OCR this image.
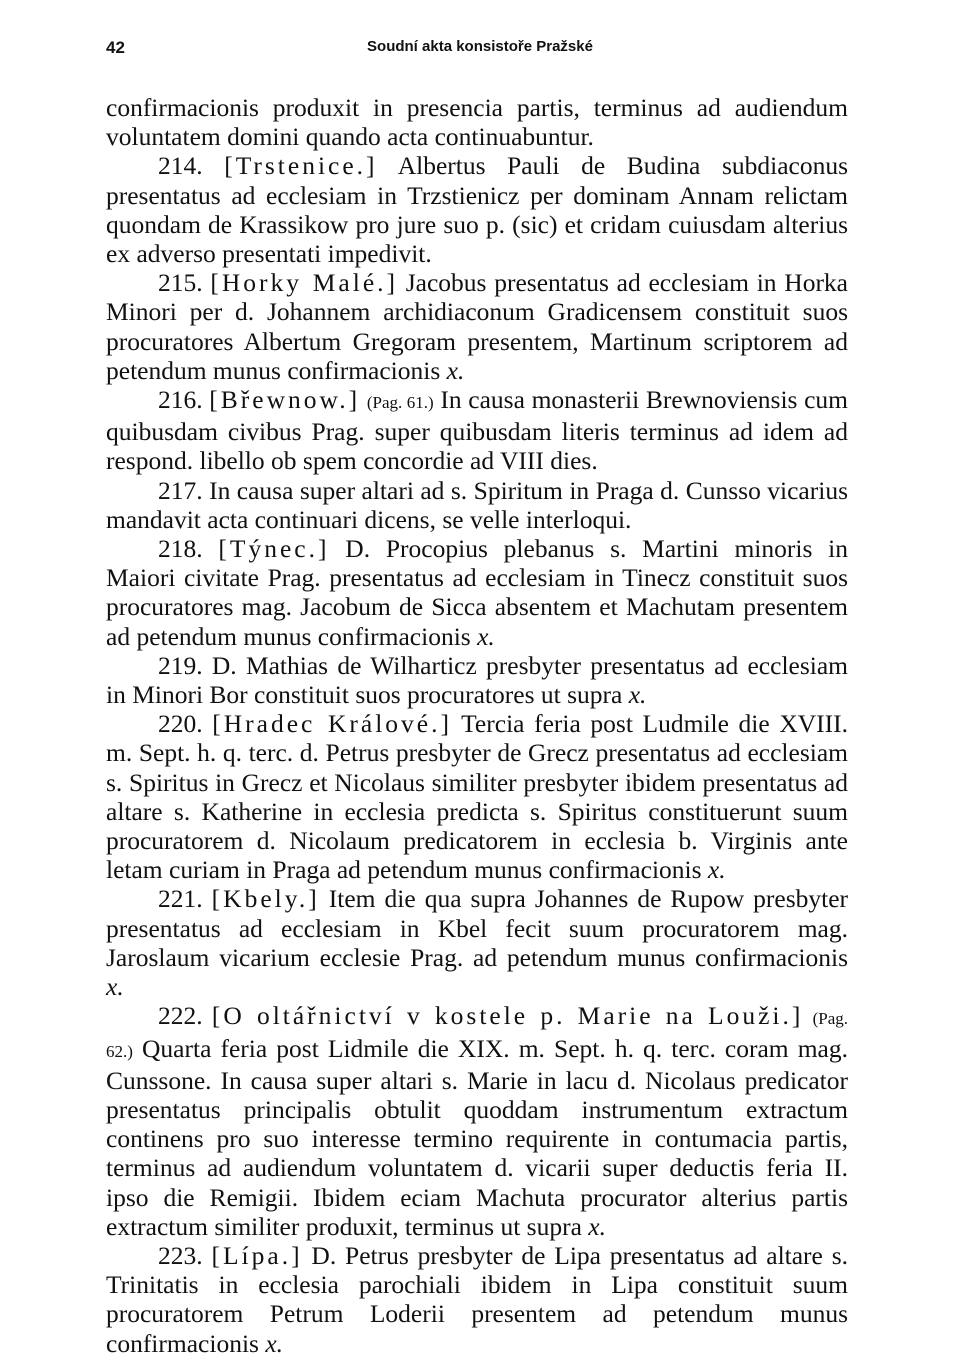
42	Soudní akta konsistoře Pražské

confirmacionis produxit in presencia partis, terminus ad audiendum voluntatem domini quando acta continuabuntur.

214. [Trstenice.] Albertus Pauli de Budina subdiaconus presentatus ad ecclesiam in Trzstienicz per dominam Annam relictam quondam de Krassikow pro jure suo p. (sic) et cridam cuiusdam alterius ex adverso presentati impedivit.

215. [Horky Malé.] Jacobus presentatus ad ecclesiam in Horka Minori per d. Johannem archidiaconum Gradicensem constituit suos procuratores Albertum Gregoram presentem, Martinum scriptorem ad petendum munus confirmacionis x.

216. [Břewnow.] (Pag. 61.) In causa monasterii Brewnoviensis cum quibusdam civibus Prag. super quibusdam literis terminus ad idem ad respond. libello ob spem concordie ad VIII dies.

217. In causa super altari ad s. Spiritum in Praga d. Cunsso vicarius mandavit acta continuari dicens, se velle interloqui.

218. [Týnec.] D. Procopius plebanus s. Martini minoris in Maiori civitate Prag. presentatus ad ecclesiam in Tinecz constituit suos procuratores mag. Jacobum de Sicca absentem et Machutam presentem ad petendum munus confirmacionis x.

219. D. Mathias de Wilharticz presbyter presentatus ad ecclesiam in Minori Bor constituit suos procuratores ut supra x.

220. [Hradec Králové.] Tercia feria post Ludmile die XVIII. m. Sept. h. q. terc. d. Petrus presbyter de Grecz presentatus ad ecclesiam s. Spiritus in Grecz et Nicolaus similiter presbyter ibidem presentatus ad altare s. Katherine in ecclesia predicta s. Spiritus constituerunt suum procuratorem d. Nicolaum predicatorem in ecclesia b. Virginis ante letam curiam in Praga ad petendum munus confirmacionis x.

221. [Kbely.] Item die qua supra Johannes de Rupow presbyter presentatus ad ecclesiam in Kbel fecit suum procuratorem mag. Jaroslaum vicarium ecclesie Prag. ad petendum munus confirmacionis x.

222. [O oltářnictví v kostele p. Marie na Louži.] (Pag. 62.) Quarta feria post Lidmile die XIX. m. Sept. h. q. terc. coram mag. Cunssone. In causa super altari s. Marie in lacu d. Nicolaus predicator presentatus principalis obtulit quoddam instrumentum extractum continens pro suo interesse termino requirente in contumacia partis, terminus ad audiendum voluntatem d. vicarii super deductis feria II. ipso die Remigii. Ibidem eciam Machuta procurator alterius partis extractum similiter produxit, terminus ut supra x.

223. [Lípa.] D. Petrus presbyter de Lipa presentatus ad altare s. Trinitatis in ecclesia parochiali ibidem in Lipa constituit suum procuratorem Petrum Loderii presentem ad petendum munus confirmacionis x.
